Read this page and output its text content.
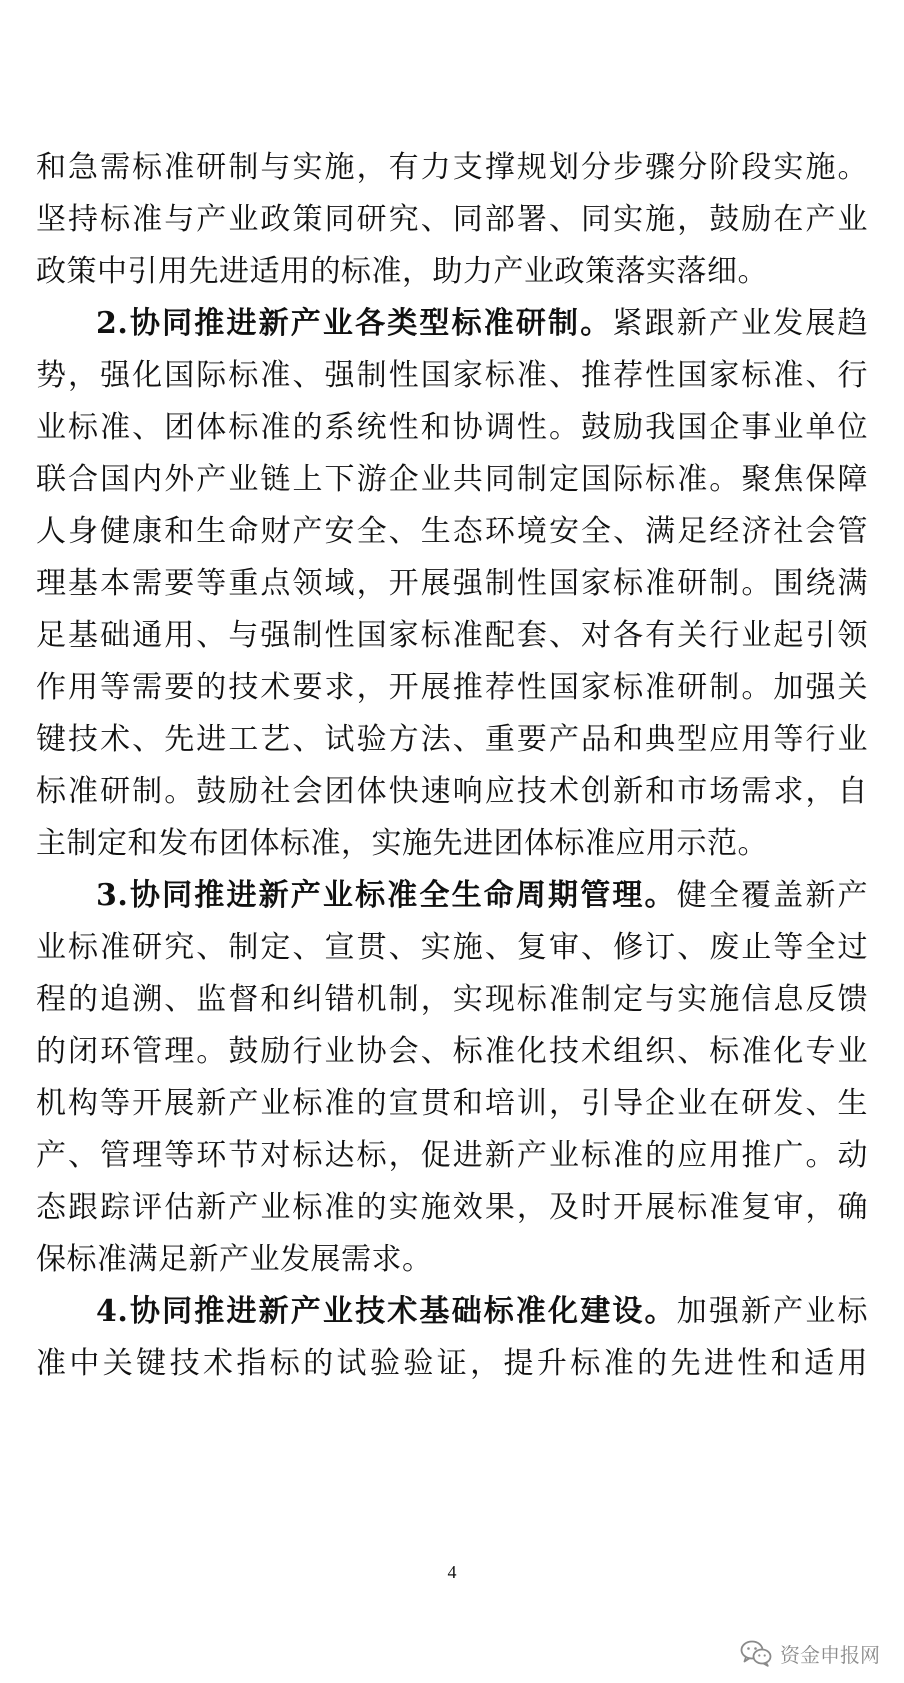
和急需标准研制与实施，有力支撑规划分步骤分阶段实施。
坚持标准与产业政策同研究、同部署、同实施，鼓励在产业
政策中引用先进适用的标准，助力产业政策落实落细。
2.协同推进新产业各类型标准研制。紧跟新产业发展趋
势，强化国际标准、强制性国家标准、推荐性国家标准、行
业标准、团体标准的系统性和协调性。鼓励我国企事业单位
联合国内外产业链上下游企业共同制定国际标准。聚焦保障
人身健康和生命财产安全、生态环境安全、满足经济社会管
理基本需要等重点领域，开展强制性国家标准研制。围绕满
足基础通用、与强制性国家标准配套、对各有关行业起引领
作用等需要的技术要求，开展推荐性国家标准研制。加强关
键技术、先进工艺、试验方法、重要产品和典型应用等行业
标准研制。鼓励社会团体快速响应技术创新和市场需求，自
主制定和发布团体标准，实施先进团体标准应用示范。
3.协同推进新产业标准全生命周期管理。健全覆盖新产
业标准研究、制定、宣贯、实施、复审、修订、废止等全过
程的追溯、监督和纠错机制，实现标准制定与实施信息反馈
的闭环管理。鼓励行业协会、标准化技术组织、标准化专业
机构等开展新产业标准的宣贯和培训，引导企业在研发、生
产、管理等环节对标达标，促进新产业标准的应用推广。动
态跟踪评估新产业标准的实施效果，及时开展标准复审，确
保标准满足新产业发展需求。
4.协同推进新产业技术基础标准化建设。加强新产业标
准中关键技术指标的试验验证，提升标准的先进性和适用
4
资金申报网
